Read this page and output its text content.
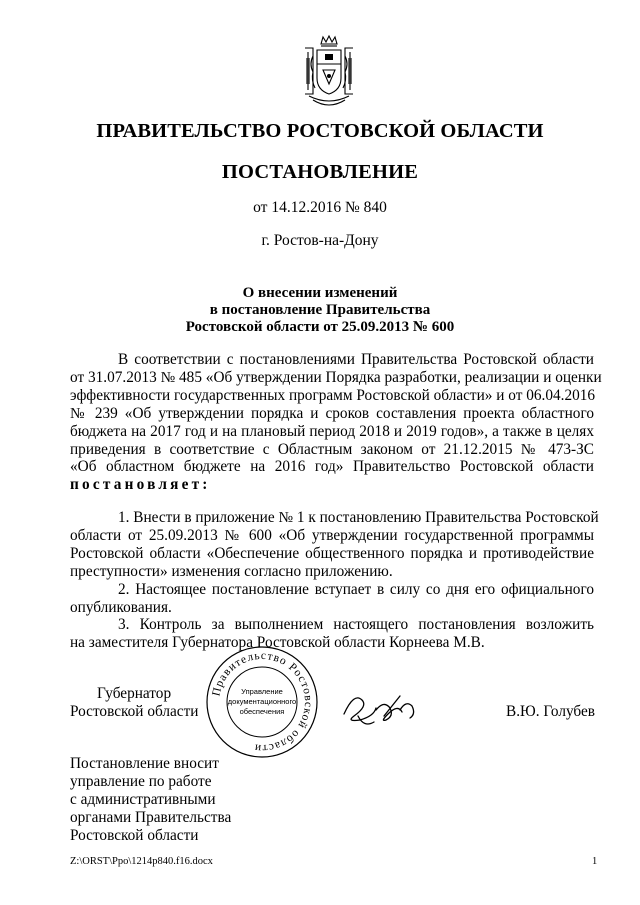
ПРАВИТЕЛЬСТВО РОСТОВСКОЙ ОБЛАСТИ
ПОСТАНОВЛЕНИЕ
от 14.12.2016 № 840
г. Ростов-на-Дону
О внесении изменений
в постановление Правительства
Ростовской области от 25.09.2013 № 600
В соответствии с постановлениями Правительства Ростовской области
от 31.07.2013 № 485 «Об утверждении Порядка разработки, реализации и оценки
эффективности государственных программ Ростовской области» и от 06.04.2016
№ 239 «Об утверждении порядка и сроков составления проекта областного
бюджета на 2017 год и на плановый период 2018 и 2019 годов», а также в целях
приведения в соответствие с Областным законом от 21.12.2015 № 473-ЗС
«Об областном бюджете на 2016 год» Правительство Ростовской области
постановляет:
1. Внести в приложение № 1 к постановлению Правительства Ростовской
области от 25.09.2013 № 600 «Об утверждении государственной программы
Ростовской области «Обеспечение общественного порядка и противодействие
преступности» изменения согласно приложению.
2. Настоящее постановление вступает в силу со дня его официального
опубликования.
3. Контроль за выполнением настоящего постановления возложить
на заместителя Губернатора Ростовской области Корнеева М.В.
Губернатор
Ростовской области
Правительство Ростовской области
Управление
документационного
обеспечения	В.Ю. Голубев
Постановление вносит
управление по работе
с административными
органами Правительства
Ростовской области
Z:\ORST\Ppo\1214p840.f16.docx	1
